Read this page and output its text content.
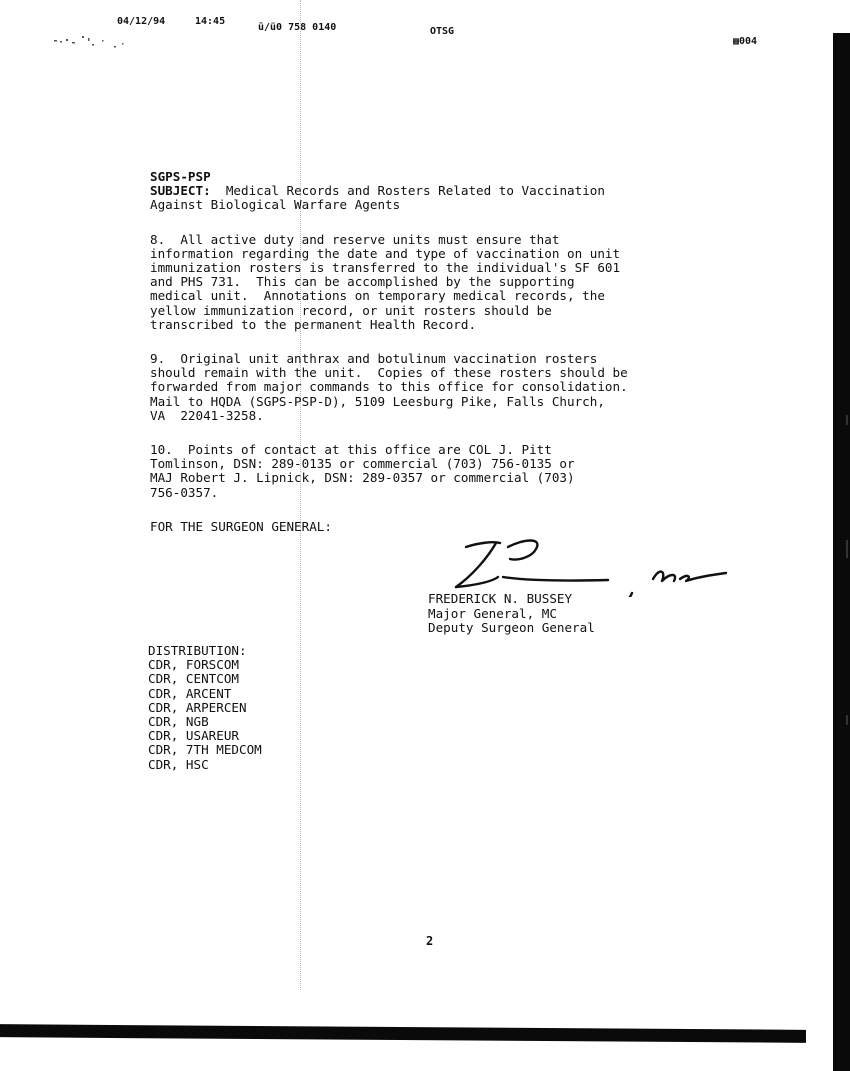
04/12/94	14:45
ū/ü0 758 0140	OTSG
▩004

SGPS-PSP

SUBJECT: Medical Records and Rosters Related to Vaccination
Against Biological Warfare Agents

8.  All active duty and reserve units must ensure that
information regarding the date and type of vaccination on unit
immunization rosters is transferred to the individual's SF 601
and PHS 731.  This can be accomplished by the supporting
medical unit.  Annotations on temporary medical records, the
yellow immunization record, or unit rosters should be
transcribed to the permanent Health Record.

9.  Original unit anthrax and botulinum vaccination rosters
should remain with the unit.  Copies of these rosters should be
forwarded from major commands to this office for consolidation.
Mail to HQDA (SGPS-PSP-D), 5109 Leesburg Pike, Falls Church,
VA  22041-3258.

10.  Points of contact at this office are COL J. Pitt
Tomlinson, DSN: 289-0135 or commercial (703) 756-0135 or
MAJ Robert J. Lipnick, DSN: 289-0357 or commercial (703)
756-0357.

FOR THE SURGEON GENERAL:

FREDERICK N. BUSSEY

Major General, MC

Deputy Surgeon General

DISTRIBUTION:

CDR, FORSCOM

CDR, CENTCOM

CDR, ARCENT

CDR, ARPERCEN

CDR, NGB

CDR, USAREUR

CDR, 7TH MEDCOM

CDR, HSC

2
